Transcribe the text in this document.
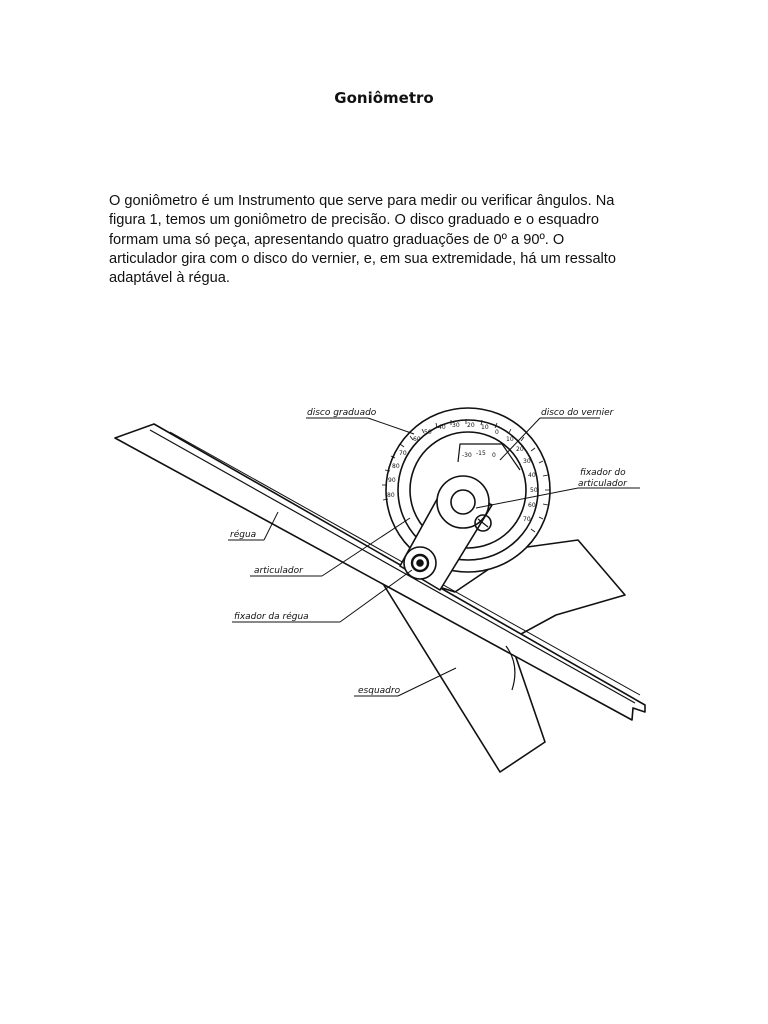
Goniômetro
O goniômetro é um Instrumento que serve para medir ou verificar ângulos. Na
figura 1, temos um goniômetro de precisão. O disco graduado e o esquadro
formam uma só peça, apresentando quatro graduações de 0º a 90º. O
articulador gira com o disco do vernier, e, em sua extremidade, há um ressalto
adaptável à régua.
60
50
40 30 20 10
0
10
20
30
40
50
60
70
70
80
90
80
-30 -15 0
disco graduado	disco do vernier
fixador do
articulador
régua
articulador
fixador da régua
esquadro
